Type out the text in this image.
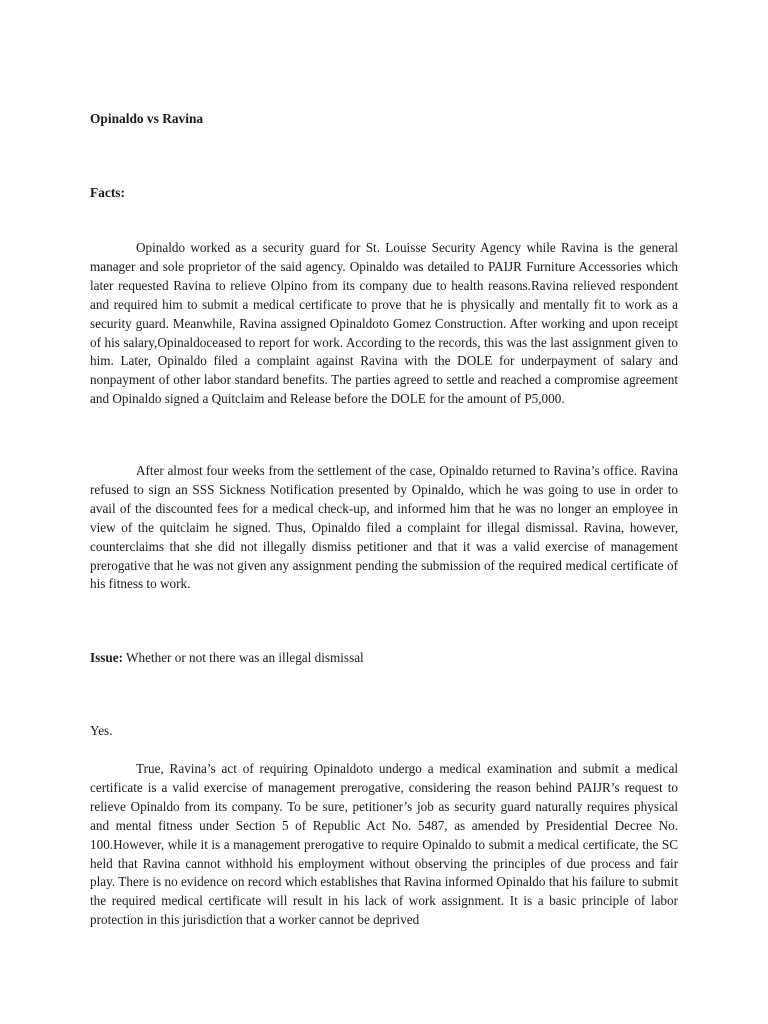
Opinaldo vs Ravina

Facts:

Opinaldo worked as a security guard for St. Louisse Security Agency while Ravina is the general manager and sole proprietor of the said agency. Opinaldo was detailed to PAIJR Furniture Accessories which later requested Ravina to relieve Olpino from its company due to health reasons.Ravina relieved respondent and required him to submit a medical certificate to prove that he is physically and mentally fit to work as a security guard. Meanwhile, Ravina assigned Opinaldoto Gomez Construction. After working and upon receipt of his salary,Opinaldoceased to report for work. According to the records, this was the last assignment given to him. Later, Opinaldo filed a complaint against Ravina with the DOLE for underpayment of salary and nonpayment of other labor standard benefits. The parties agreed to settle and reached a compromise agreement and Opinaldo signed a Quitclaim and Release before the DOLE for the amount of P5,000.

After almost four weeks from the settlement of the case, Opinaldo returned to Ravina’s office. Ravina refused to sign an SSS Sickness Notification presented by Opinaldo, which he was going to use in order to avail of the discounted fees for a medical check-up, and informed him that he was no longer an employee in view of the quitclaim he signed. Thus, Opinaldo filed a complaint for illegal dismissal. Ravina, however, counterclaims that she did not illegally dismiss petitioner and that it was a valid exercise of management prerogative that he was not given any assignment pending the submission of the required medical certificate of his fitness to work.

Issue: Whether or not there was an illegal dismissal

Yes.

True, Ravina’s act of requiring Opinaldoto undergo a medical examination and submit a medical certificate is a valid exercise of management prerogative, considering the reason behind PAIJR’s request to relieve Opinaldo from its company. To be sure, petitioner’s job as security guard naturally requires physical and mental fitness under Section 5 of Republic Act No. 5487, as amended by Presidential Decree No. 100.However, while it is a management prerogative to require Opinaldo to submit a medical certificate, the SC held that Ravina cannot withhold his employment without observing the principles of due process and fair play. There is no evidence on record which establishes that Ravina informed Opinaldo that his failure to submit the required medical certificate will result in his lack of work assignment. It is a basic principle of labor protection in this jurisdiction that a worker cannot be deprived
